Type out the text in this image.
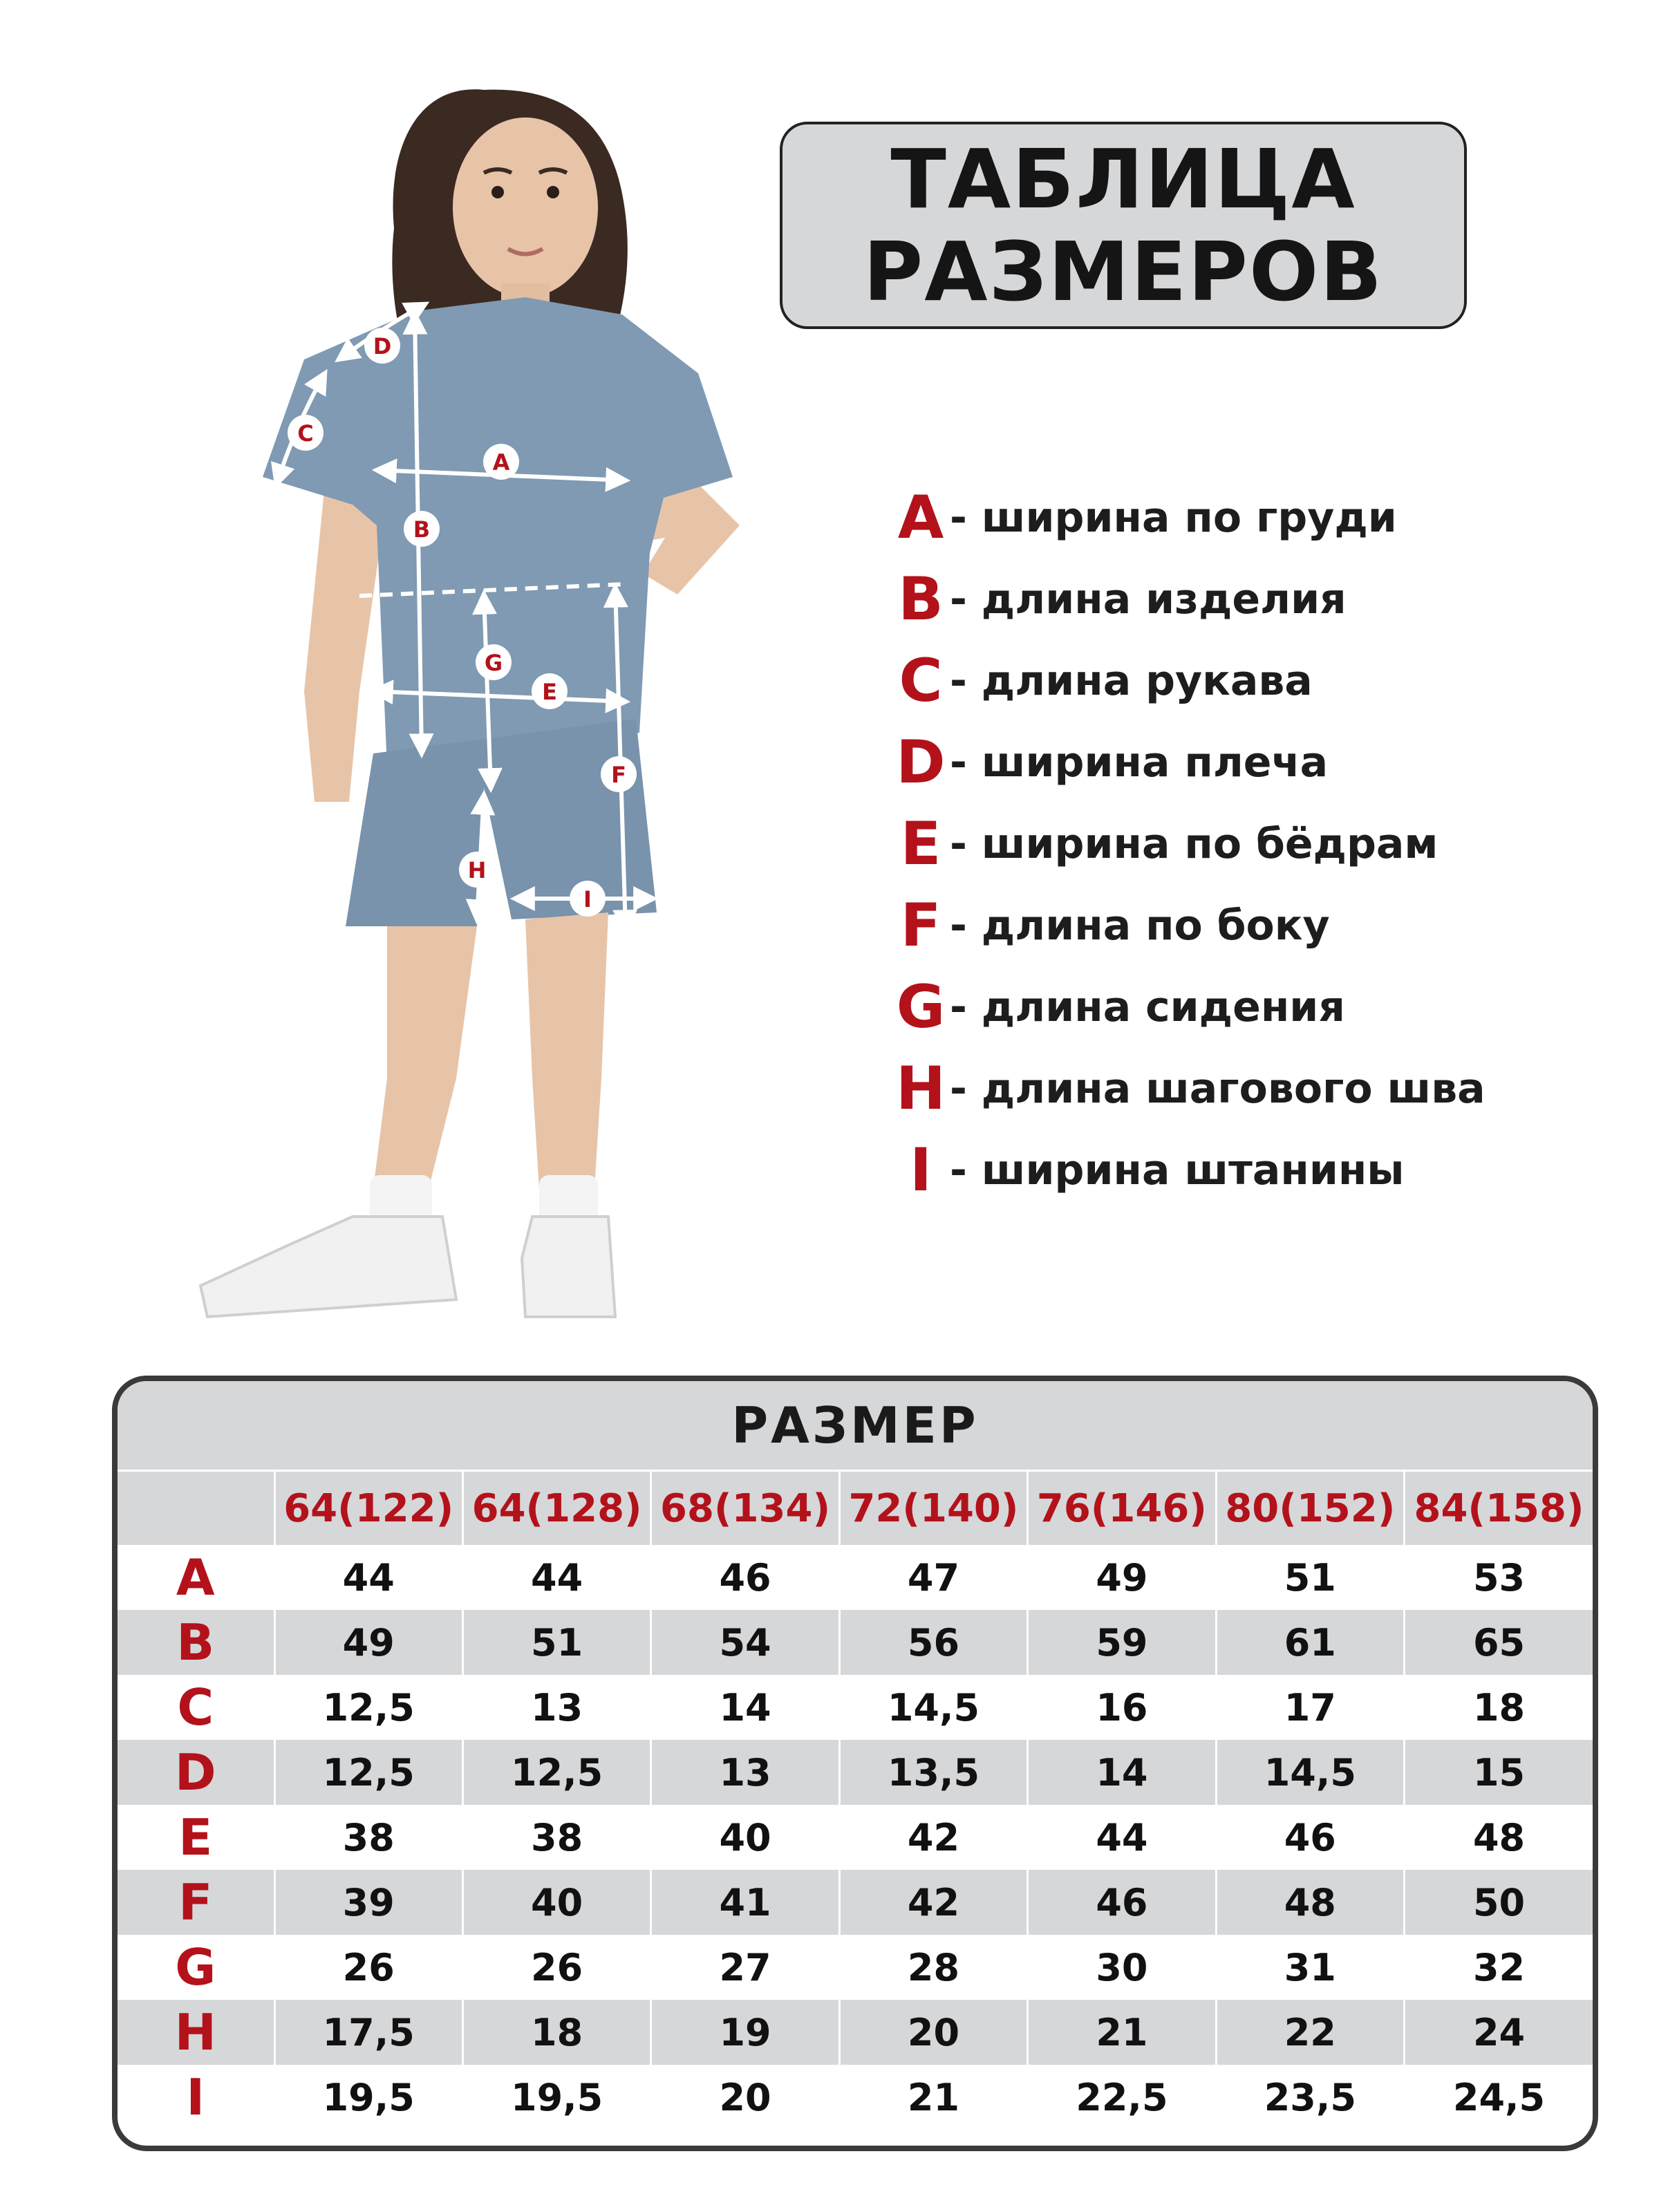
A
B
C
D
E
F
G
H
I
ТАБЛИЦА
РАЗМЕРОВ
A - ширина по груди
B - длина изделия
C - длина рукава
D - ширина плеча
E - ширина по бёдрам
F - длина по боку
G - длина сидения
H - длина шагового шва
I - ширина штанины
РАЗМЕР
	64(122)	64(128)	68(134)	72(140)	76(146)	80(152)	84(158)
A	44	44	46	47	49	51	53
B	49	51	54	56	59	61	65
C	12,5	13	14	14,5	16	17	18
D	12,5	12,5	13	13,5	14	14,5	15
E	38	38	40	42	44	46	48
F	39	40	41	42	46	48	50
G	26	26	27	28	30	31	32
H	17,5	18	19	20	21	22	24
I	19,5	19,5	20	21	22,5	23,5	24,5
